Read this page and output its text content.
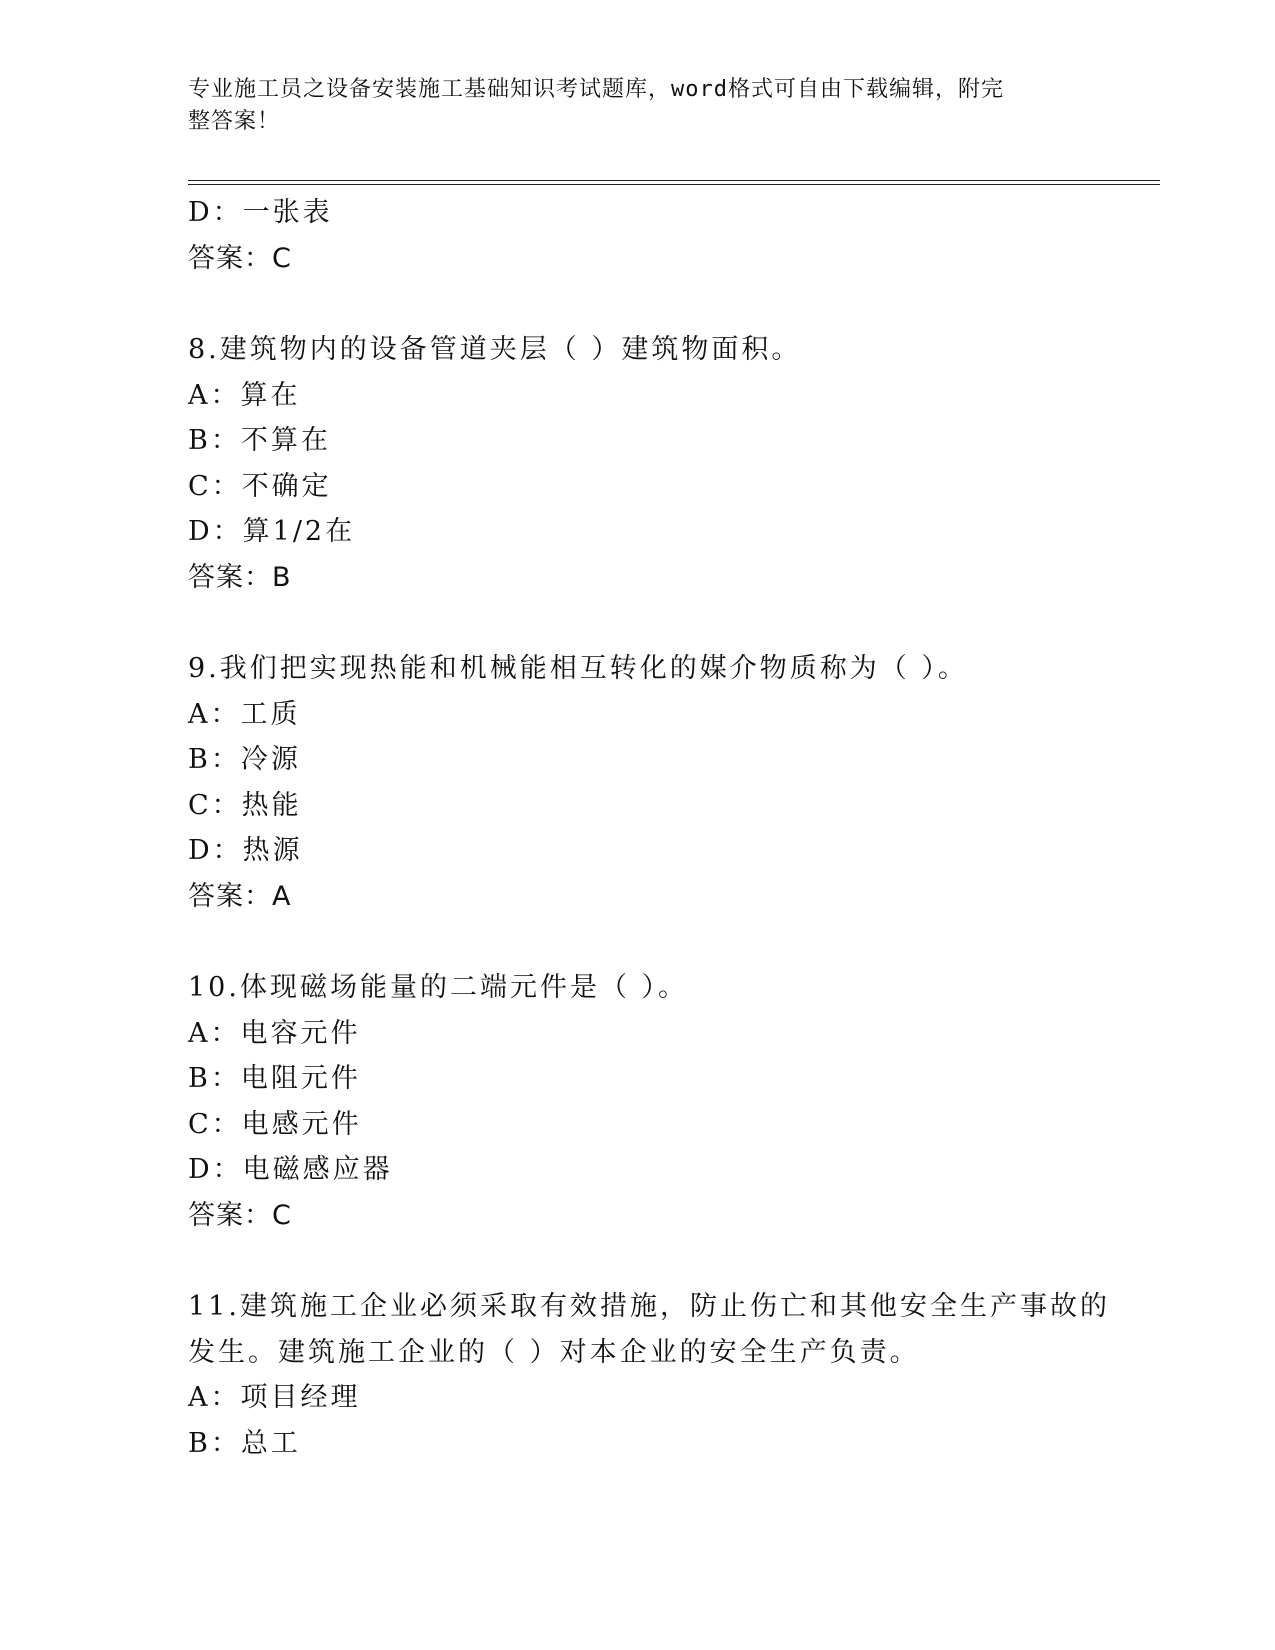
专业施工员之设备安装施工基础知识考试题库，word格式可自由下载编辑，附完
整答案！
D：一张表
答案：C
8.建筑物内的设备管道夹层（ ）建筑物面积。
A：算在
B：不算在
C：不确定
D：算1/2在
答案：B
9.我们把实现热能和机械能相互转化的媒介物质称为（ ）。
A：工质
B：冷源
C：热能
D：热源
答案：A
10.体现磁场能量的二端元件是（ ）。
A：电容元件
B：电阻元件
C：电感元件
D：电磁感应器
答案：C
11.建筑施工企业必须采取有效措施，防止伤亡和其他安全生产事故的
发生。建筑施工企业的（ ）对本企业的安全生产负责。
A：项目经理
B：总工
